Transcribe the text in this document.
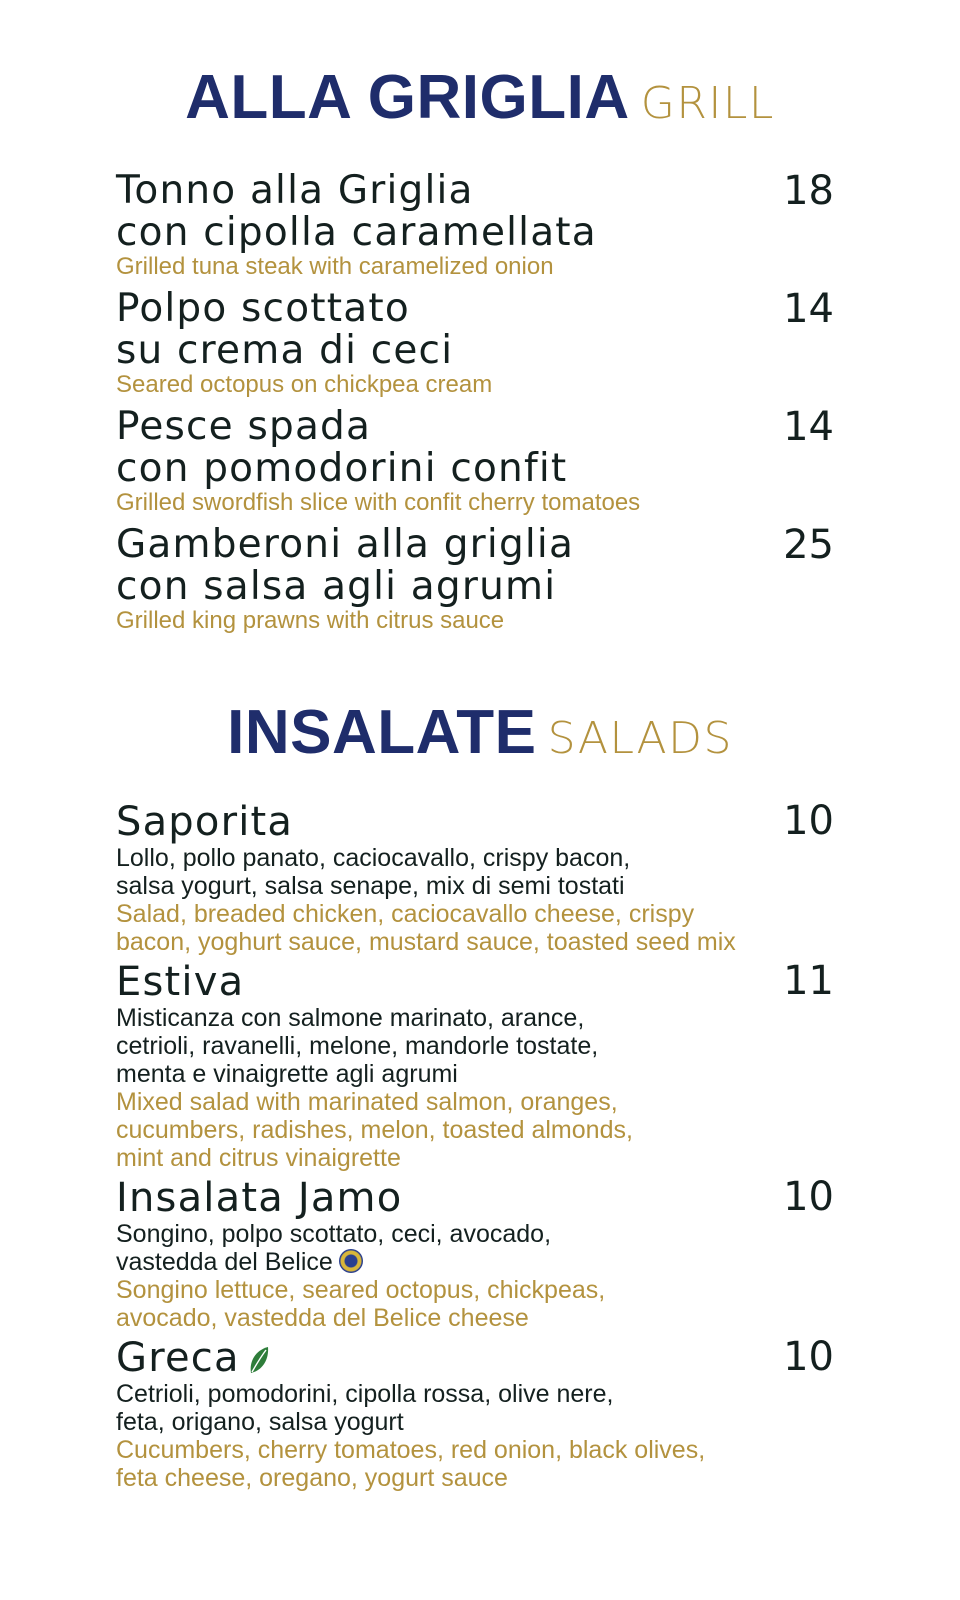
ALLA GRIGLIA GRILL
Tonno alla Griglia
con cipolla caramellata
Grilled tuna steak with caramelized onion
18
Polpo scottato
su crema di ceci
Seared octopus on chickpea cream
14
Pesce spada
con pomodorini confit
Grilled swordfish slice with confit cherry tomatoes
14
Gamberoni alla griglia
con salsa agli agrumi
Grilled king prawns with citrus sauce
25
INSALATE SALADS
Saporita
Lollo, pollo panato, caciocavallo, crispy bacon,
salsa yogurt, salsa senape, mix di semi tostati
Salad, breaded chicken, caciocavallo cheese, crispy
bacon, yoghurt sauce, mustard sauce, toasted seed mix
10
Estiva
Misticanza con salmone marinato, arance,
cetrioli, ravanelli, melone, mandorle tostate,
menta e vinaigrette agli agrumi
Mixed salad with marinated salmon, oranges,
cucumbers, radishes, melon, toasted almonds,
mint and citrus vinaigrette
11
Insalata Jamo
Songino, polpo scottato, ceci, avocado,
vastedda del Belice
Songino lettuce, seared octopus, chickpeas,
avocado, vastedda del Belice cheese
10
Greca
Cetrioli, pomodorini, cipolla rossa, olive nere,
feta, origano, salsa yogurt
Cucumbers, cherry tomatoes, red onion, black olives,
feta cheese, oregano, yogurt sauce
10
